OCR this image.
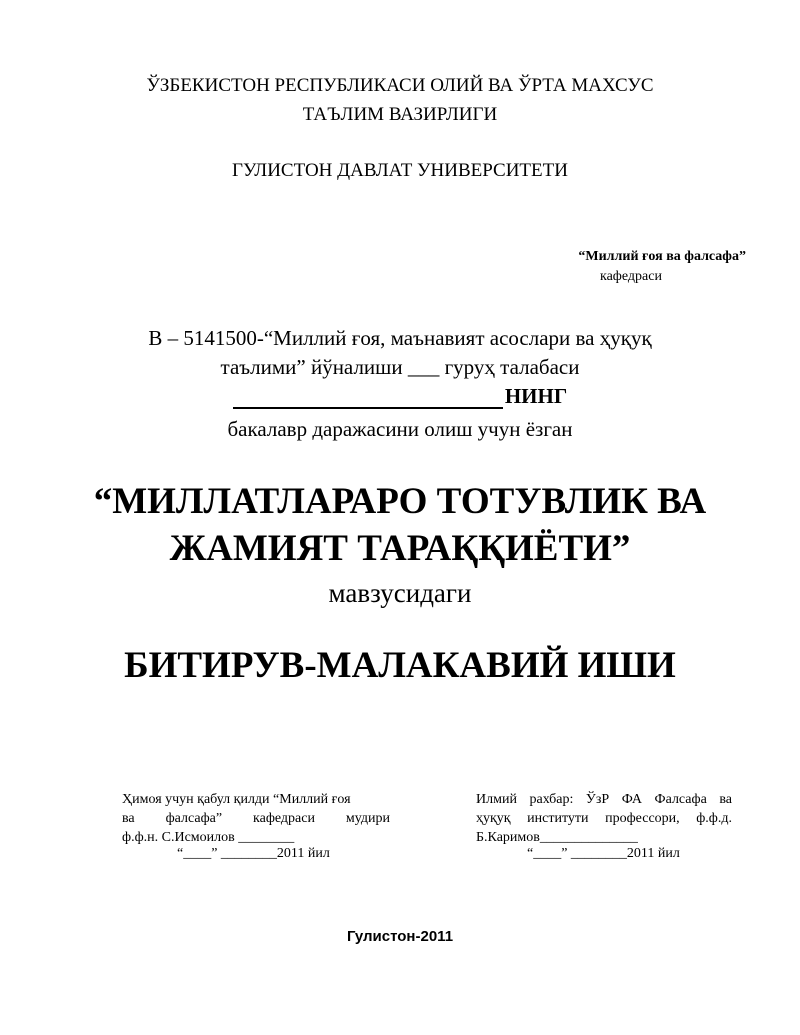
ЎЗБЕКИСТОН РЕСПУБЛИКАСИ ОЛИЙ ВА ЎРТА МАХСУС
ТАЪЛИМ ВАЗИРЛИГИ
ГУЛИСТОН ДАВЛАТ УНИВЕРСИТЕТИ
“Миллий ғоя ва фалсафа”
кафедраси
В – 5141500-“Миллий ғоя, маънавият асослари ва ҳуқуқ
таълими” йўналиши ___ гуруҳ талабаси
НИНГ
бакалавр даражасини олиш учун ёзган
“МИЛЛАТЛАРАРО ТОТУВЛИК ВА
ЖАМИЯТ ТАРАҚҚИЁТИ”
мавзусидаги
БИТИРУВ-МАЛАКАВИЙ ИШИ
Ҳимоя учун қабул қилди “Миллий ғоя
ва фалсафа” кафедраси мудири
ф.ф.н. С.Исмоилов ________
“____” ________2011 йил
Илмий рахбар: ЎзР ФА Фалсафа ва
ҳуқуқ институти профессори, ф.ф.д.
Б.Каримов______________
“____” ________2011 йил
Гулистон-2011
